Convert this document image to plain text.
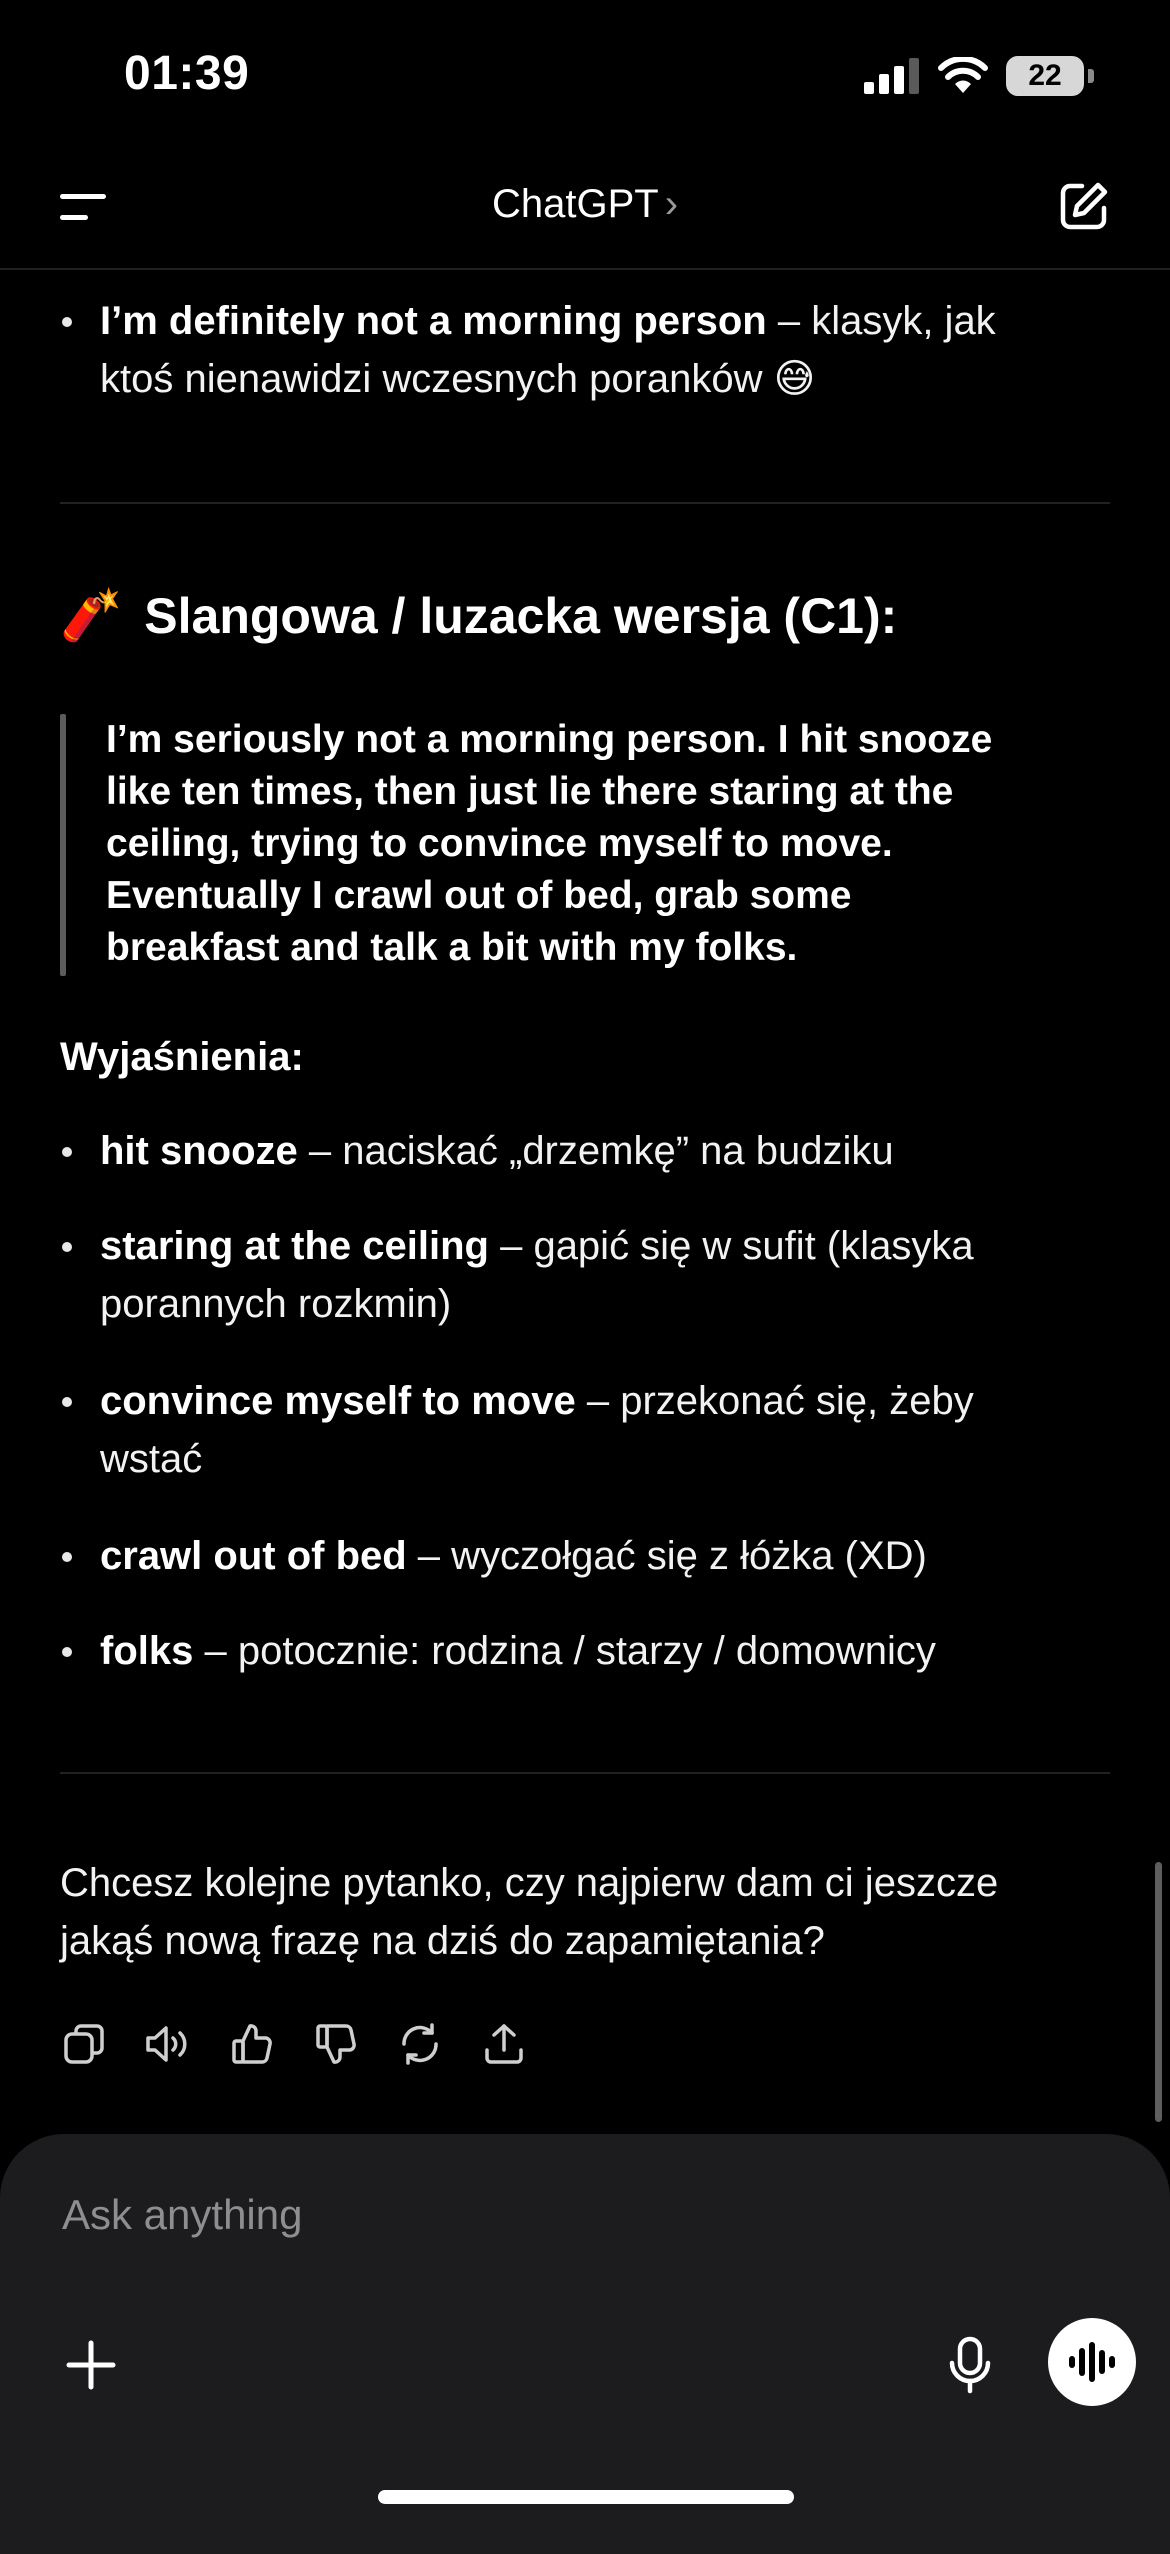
01:39	22
ChatGPT ›
I’m definitely not a morning person – klasyk, jak
ktoś nienawidzi wczesnych poranków 😅
🧨 Slangowa / luzacka wersja (C1):
I’m seriously not a morning person. I hit snooze
like ten times, then just lie there staring at the
ceiling, trying to convince myself to move.
Eventually I crawl out of bed, grab some
breakfast and talk a bit with my folks.
Wyjaśnienia:
hit snooze – naciskać „drzemkę” na budziku
staring at the ceiling – gapić się w sufit (klasyka
porannych rozkmin)
convince myself to move – przekonać się, żeby
wstać
crawl out of bed – wyczołgać się z łóżka (XD)
folks – potocznie: rodzina / starzy / domownicy
Chcesz kolejne pytanko, czy najpierw dam ci jeszcze
jakąś nową frazę na dziś do zapamiętania?
Ask anything
